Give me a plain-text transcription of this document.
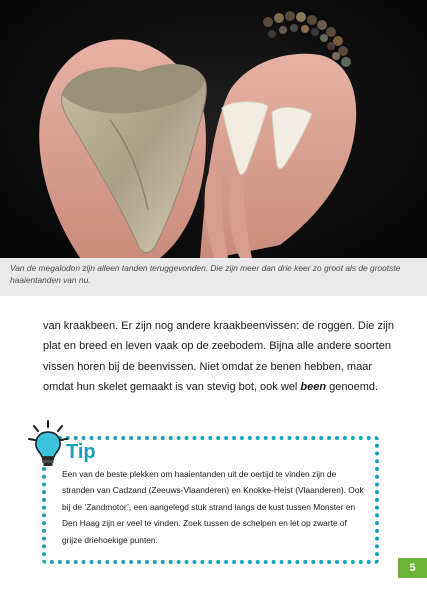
Van de megalodon zijn alleen tanden teruggevonden. Die zijn meer dan drie keer zo groot als de grootste haaientanden van nu.

van kraakbeen. Er zijn nog andere kraakbeenvissen: de roggen. Die zijn plat en breed en leven vaak op de zeebodem. Bijna alle andere soorten vissen horen bij de beenvissen. Niet omdat ze benen hebben, maar omdat hun skelet gemaakt is van stevig bot, ook wel been genoemd.

Tip

Een van de beste plekken om haaientanden uit de oertijd te vinden zijn de stranden van Cadzand (Zeeuws-Vlaanderen) en Knokke-Heist (Vlaanderen). Ook bij de ‘Zandmotor’, een aangelegd stuk strand langs de kust tussen Monster en Den Haag zijn er veel te vinden. Zoek tussen de schelpen en let op zwarte of grijze driehoekige punten.

5
